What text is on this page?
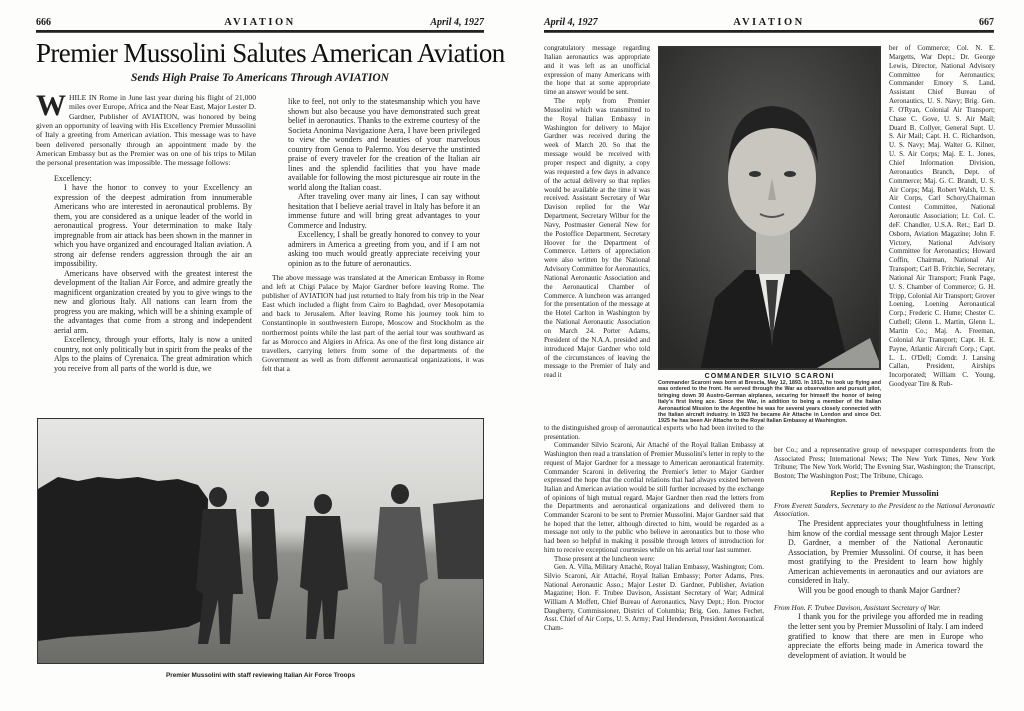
666	AVIATION	April 4, 1927
Premier Mussolini Salutes American Aviation
Sends High Praise To Americans Through AVIATION

WHILE IN Rome in June last year during his flight of 21,000 miles over Europe, Africa and the Near East, Major Lester D. Gardner, Publisher of AVIATION, was honored by being given an opportunity of leaving with His Excellency Premier Mussolini of Italy a greeting from American aviation. This message was to have been delivered personally through an appointment made by the American Embassy but as the Premier was on one of his trips to Milan the personal presentation was impossible. The message follows:

Excellency:

I have the honor to convey to your Excellency an expression of the deepest admiration from innumerable Americans who are interested in aeronautical problems. By them, you are considered as a unique leader of the world in aeronautical progress. Your determination to make Italy impregnable from air attack has been shown in the manner in which you have organized and encouraged Italian aviation. A strong air defense renders aggression through the air an impossibility.

Americans have observed with the greatest interest the development of the Italian Air Force, and admire greatly the magnificent organization created by you to give wings to the new and glorious Italy. All nations can learn from the progress you are making, which will be a shining example of the advantages that come from a strong and independent aerial arm.

Excellency, through your efforts, Italy is now a united country, not only politically but in spirit from the peaks of the Alps to the plains of Cyrenaica. The great admiration which you receive from all parts of the world is due, we

like to feel, not only to the statesmanship which you have shown but also because you have demonstrated such great belief in aeronautics. Thanks to the extreme courtesy of the Societa Anonima Navigazione Aera, I have been privileged to view the wonders and beauties of your marvelous country from Genoa to Palermo. You deserve the unstinted praise of every traveler for the creation of the Italian air lines and the splendid facilities that you have made available for following the most picturesque air route in the world along the Italian coast.

After traveling over many air lines, I can say without hesitation that I believe aerial travel in Italy has before it an immense future and will bring great advantages to your Commerce and Industry.

Excellency, I shall be greatly honored to convey to your admirers in America a greeting from you, and if I am not asking too much would greatly appreciate receiving your opinion as to the future of aeronautics.

The above message was translated at the American Embassy in Rome and left at Chigi Palace by Major Gardner before leaving Rome. The publisher of AVIATION had just returned to Italy from his trip in the Near East which included a flight from Cairo to Baghdad, over Mesopotamia and back to Jerusalem. After leaving Rome his journey took him to Constantinople in southwestern Europe, Moscow and Stockholm as the northermost points while the last part of the aerial tour was southward as far as Morocco and Algiers in Africa. As one of the first long distance air travellers, carrying letters from some of the departments of the Government as well as from different aeronautical organizations, it was felt that a

Premier Mussolini with staff reviewing Italian Air Force Troops
April 4, 1927	AVIATION	667

congratulatory message regarding Italian aeronautics was appropriate and it was left as an unofficial expression of many Americans with the hope that at some appropriate time an answer would be sent.

The reply from Premier Mussolini which was transmitted to the Royal Italian Embassy in Washington for delivery to Major Gardner was received during the week of March 20. So that the message would be received with proper respect and dignity, a copy was requested a few days in advance of the actual delivery so that replies would be available at the time it was received. Assistant Secretary of War Davison replied for the War Department, Secretary Wilbur for the Navy, Postmaster General New for the Postoffice Department, Secretary Hoover for the Department of Commerce. Letters of appreciation were also written by the National Advisory Committee for Aeronautics, National Aeronautic Association and the Aeronautical Chamber of Commerce. A luncheon was arranged for the presentation of the message at the Hotel Carlton in Washington by the National Aeronautic Association on March 24. Porter Adams, President of the N.A.A. presided and introduced Major Gardner who told of the circumstances of leaving the message to the Premier of Italy and read it	COMMANDER SILVIO SCARONI
Commander Scaroni was born at Brescia, May 12, 1893. In 1913, he took up flying and was ordered to the front. He served through the War as observation and pursuit pilot, bringing down 30 Austro-German airplanes, securing for himself the honor of being Italy's first living ace. Since the War, in addition to being a member of the Italian Aeronautical Mission to the Argentine he was for several years closely connected with the Italian aircraft industry. In 1923 he became Air Attache in London and since Oct. 1925 he has been Air Attache to the Royal Italian Embassy at Washington.

to the distinguished group of aeronautical experts who had been invited to the presentation.

Commander Silvio Scaroni, Air Attaché of the Royal Italian Embassy at Washington then read a translation of Premier Mussolini's letter in reply to the request of Major Gardner for a message to American aeronautical fraternity. Commander Scaroni in delivering the Premier's letter to Major Gardner expressed the hope that the cordial relations that had always existed between Italian and American aviation would be still further increased by the exchange of opinions of high mutual regard. Major Gardner then read the letters from the Departments and aeronautical organizations and delivered them to Commander Scaroni to be sent to Premier Mussolini. Major Gardner said that he hoped that the letter, although directed to him, would be regarded as a message not only to the public who believe in aeronautics but to those who had been so helpful in making it possible through letters of introduction for him to receive exceptional courtesies while on his aerial tour last summer.

Those present at the luncheon were:

Gen. A. Villa, Military Attaché, Royal Italian Embassy, Washington; Com. Silvio Scaroni, Air Attaché, Royal Italian Embassy; Porter Adams, Pres. National Aeronautic Asso.; Major Lester D. Gardner, Publisher, Aviation Magazine; Hon. F. Trubee Davison, Assistant Secretary of War; Admiral William A Moffett, Chief Bureau of Aeronautics, Navy Dept.; Hon. Proctor Daugherty, Commissioner, District of Columbia; Brig. Gen. James Fechet, Asst. Chief of Air Corps, U. S. Army; Paul Henderson, President Aeronautical Cham-

ber of Commerce; Col. N. E. Margetts, War Dept.; Dr. George Lewis, Director, National Advisory Committee for Aeronautics; Commander Emory S. Land, Assistant Chief Bureau of Aeronautics, U. S. Navy; Brig. Gen. F. O'Ryan, Colonial Air Transport; Chase C. Gove, U. S. Air Mail; Duard B. Collyer, General Supt. U. S. Air Mail; Capt. H. C. Richardson, U. S. Navy; Maj. Walter G. Kilner, U. S. Air Corps; Maj. E. L. Jones, Chief Information Division, Aeronautics Branch, Dept. of Commerce; Maj. G. C. Brandt, U. S. Air Corps; Maj. Robert Walsh, U. S. Air Corps, Carl Schory,Chairman Contest Committee, National Aeronautic Association; Lt. Col. C. deF. Chandler, U.S.A. Ret.; Earl D. Osborn, Aviation Magazine; John F. Victory, National Advisory Committee for Aeronautics; Howard Coffin, Chairman, National Air Transport; Carl B. Fritchie, Secretary, National Air Transport; Frank Page, U. S. Chamber of Commerce; G. H. Tripp, Colonial Air Transport; Grover Loening, Loening Aeronautical Corp.; Frederic C. Hume; Chester C. Cuthell; Glenn L. Martin, Glenn L. Martin Co.; Maj. A. Freeman, Colonial Air Transport; Capt. H. E. Payne, Atlantic Aircraft Corp.; Capt. L. L. O'Dell; Comdr. J. Lansing Callan, President, Airships Incorporated; William C. Young, Goodyear Tire & Rub-

ber Co.; and a representative group of newspaper correspondents from the Associated Press; International News; The New York Times, New York Tribune; The New York World; The Evening Star, Washington; the Transcript, Boston; The Washington Post; The Tribune, Chicago.

Replies to Premier Mussolini

From Everett Sanders, Secretary to the President to the National Aeronautic Association.

The President appreciates your thoughtfulness in letting him know of the cordial message sent through Major Lester D. Gardner, a member of the National Aeronautic Association, by Premier Mussolini. Of course, it has been most gratifying to the President to learn how highly American achievements in aeronautics and our aviators are considered in Italy.

Will you be good enough to thank Major Gardner?

From Hon. F. Trubee Davison, Assistant Secretary of War.

I thank you for the privilege you afforded me in reading the letter sent you by Premier Mussolini of Italy. I am indeed gratified to know that there are men in Europe who appreciate the efforts being made in America toward the development of aviation. It would be
